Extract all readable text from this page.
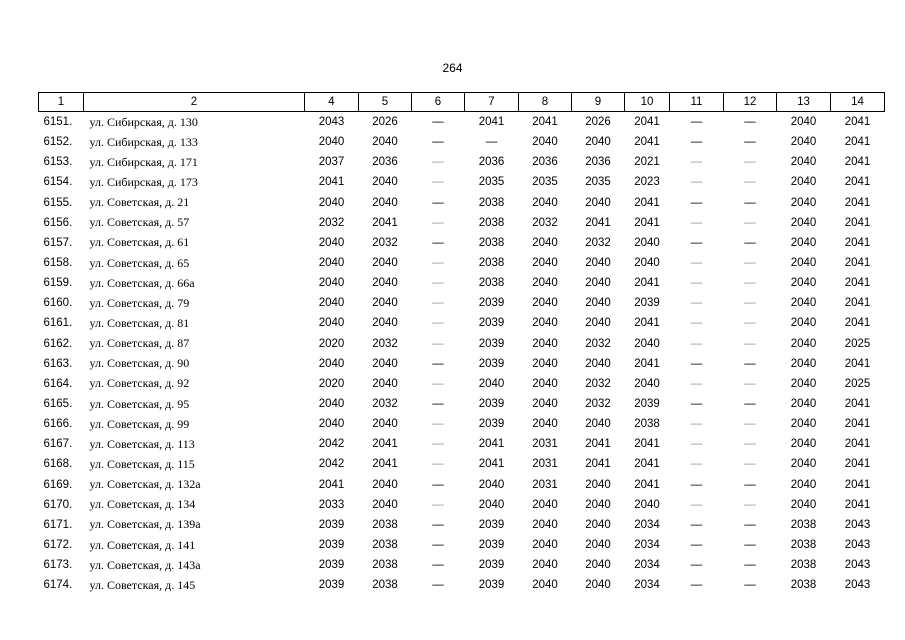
264
1	2	4	5	6	7	8	9	10	11	12	13	14
6151.	ул. Сибирская, д. 130	2043	2026	—	2041	2041	2026	2041	—	—	2040	2041
6152.	ул. Сибирская, д. 133	2040	2040	—	—	2040	2040	2041	—	—	2040	2041
6153.	ул. Сибирская, д. 171	2037	2036	—	2036	2036	2036	2021	—	—	2040	2041
6154.	ул. Сибирская, д. 173	2041	2040	—	2035	2035	2035	2023	—	—	2040	2041
6155.	ул. Советская, д. 21	2040	2040	—	2038	2040	2040	2041	—	—	2040	2041
6156.	ул. Советская, д. 57	2032	2041	—	2038	2032	2041	2041	—	—	2040	2041
6157.	ул. Советская, д. 61	2040	2032	—	2038	2040	2032	2040	—	—	2040	2041
6158.	ул. Советская, д. 65	2040	2040	—	2038	2040	2040	2040	—	—	2040	2041
6159.	ул. Советская, д. 66а	2040	2040	—	2038	2040	2040	2041	—	—	2040	2041
6160.	ул. Советская, д. 79	2040	2040	—	2039	2040	2040	2039	—	—	2040	2041
6161.	ул. Советская, д. 81	2040	2040	—	2039	2040	2040	2041	—	—	2040	2041
6162.	ул. Советская, д. 87	2020	2032	—	2039	2040	2032	2040	—	—	2040	2025
6163.	ул. Советская, д. 90	2040	2040	—	2039	2040	2040	2041	—	—	2040	2041
6164.	ул. Советская, д. 92	2020	2040	—	2040	2040	2032	2040	—	—	2040	2025
6165.	ул. Советская, д. 95	2040	2032	—	2039	2040	2032	2039	—	—	2040	2041
6166.	ул. Советская, д. 99	2040	2040	—	2039	2040	2040	2038	—	—	2040	2041
6167.	ул. Советская, д. 113	2042	2041	—	2041	2031	2041	2041	—	—	2040	2041
6168.	ул. Советская, д. 115	2042	2041	—	2041	2031	2041	2041	—	—	2040	2041
6169.	ул. Советская, д. 132а	2041	2040	—	2040	2031	2040	2041	—	—	2040	2041
6170.	ул. Советская, д. 134	2033	2040	—	2040	2040	2040	2040	—	—	2040	2041
6171.	ул. Советская, д. 139а	2039	2038	—	2039	2040	2040	2034	—	—	2038	2043
6172.	ул. Советская, д. 141	2039	2038	—	2039	2040	2040	2034	—	—	2038	2043
6173.	ул. Советская, д. 143а	2039	2038	—	2039	2040	2040	2034	—	—	2038	2043
6174.	ул. Советская, д. 145	2039	2038	—	2039	2040	2040	2034	—	—	2038	2043
